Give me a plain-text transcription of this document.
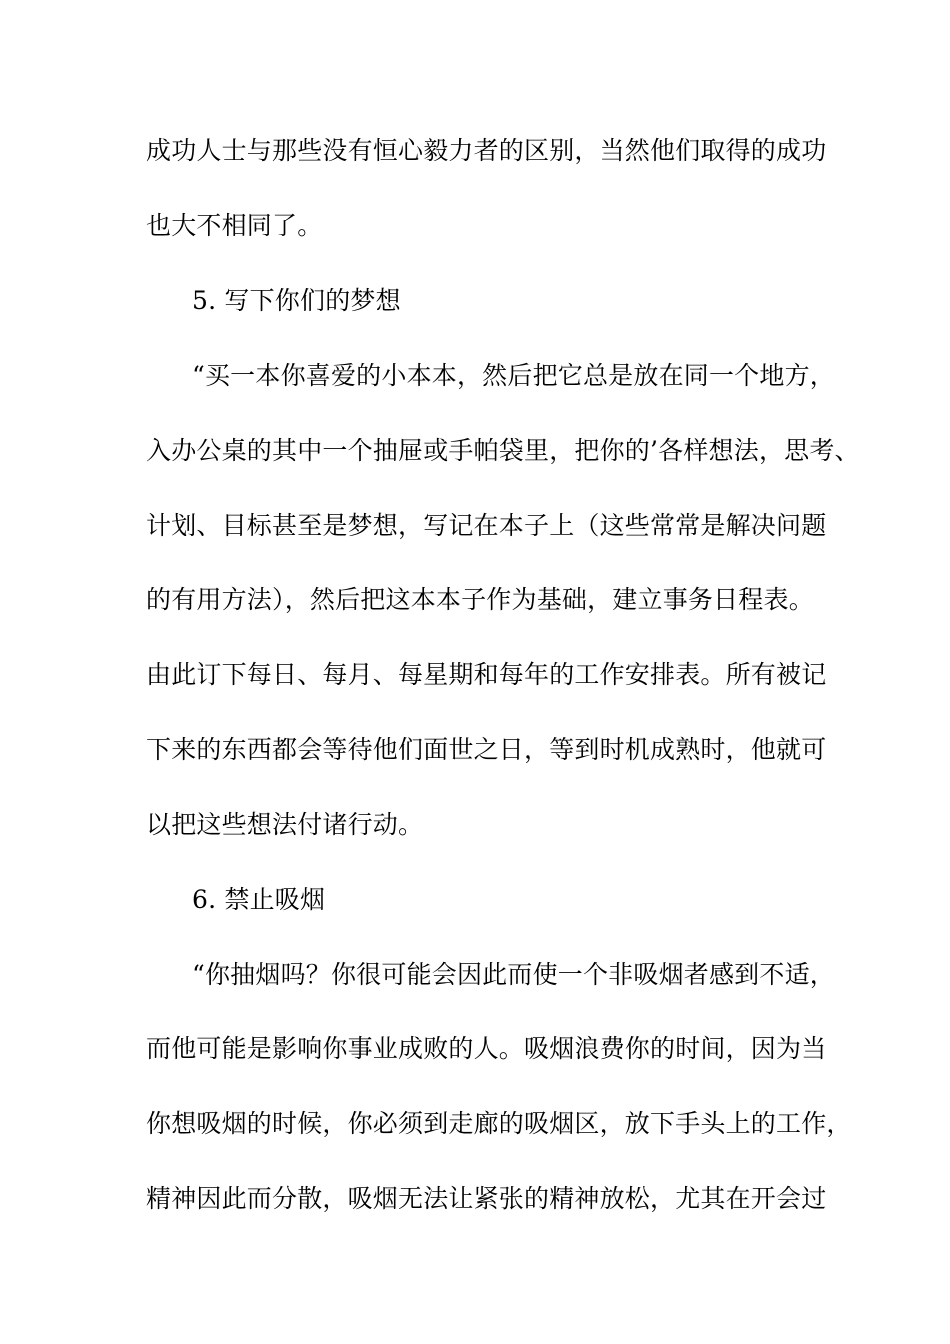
成功人士与那些没有恒心毅力者的区别，当然他们取得的成功
也大不相同了。
5. 写下你们的梦想
“买一本你喜爱的小本本，然后把它总是放在同一个地方，
入办公桌的其中一个抽屉或手帕袋里，把你的’各样想法，思考、
计划、目标甚至是梦想，写记在本子上（这些常常是解决问题
的有用方法），然后把这本本子作为基础，建立事务日程表。
由此订下每日、每月、每星期和每年的工作安排表。所有被记
下来的东西都会等待他们面世之日，等到时机成熟时，他就可
以把这些想法付诸行动。
6. 禁止吸烟
“你抽烟吗？你很可能会因此而使一个非吸烟者感到不适，
而他可能是影响你事业成败的人。吸烟浪费你的时间，因为当
你想吸烟的时候，你必须到走廊的吸烟区，放下手头上的工作，
精神因此而分散，吸烟无法让紧张的精神放松，尤其在开会过
